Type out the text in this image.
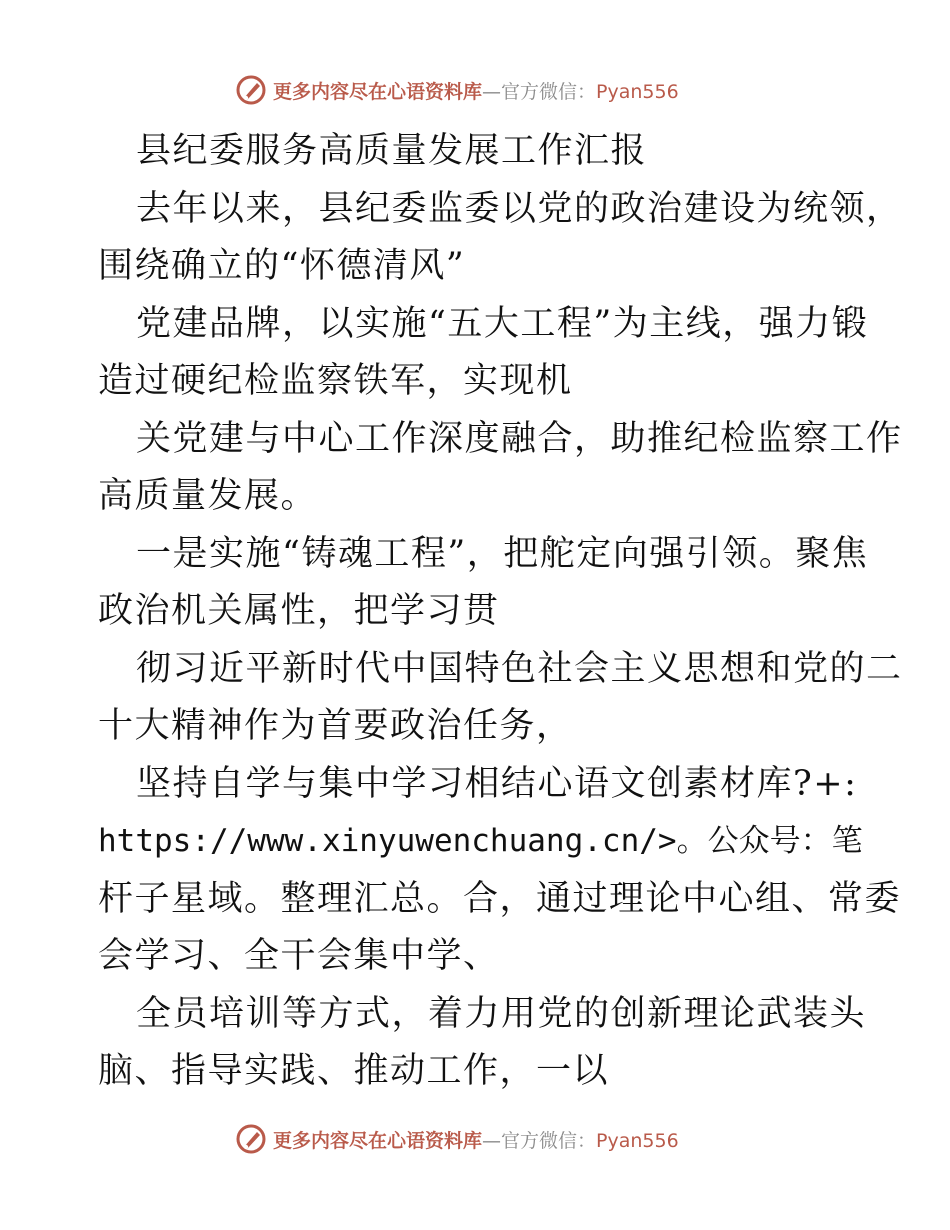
更多内容尽在心语资料库—官方微信：Pyan556
县纪委服务高质量发展工作汇报
去年以来，县纪委监委以党的政治建设为统领，
围绕确立的“怀德清风”
党建品牌，以实施“五大工程”为主线，强力锻
造过硬纪检监察铁军，实现机
关党建与中心工作深度融合，助推纪检监察工作
高质量发展。
一是实施“铸魂工程”，把舵定向强引领。聚焦
政治机关属性，把学习贯
彻习近平新时代中国特色社会主义思想和党的二
十大精神作为首要政治任务，
坚持自学与集中学习相结心语文创素材库?+:
https://www.xinyuwenchuang.cn/>。公众号：笔
杆子星域。整理汇总。合，通过理论中心组、常委
会学习、全干会集中学、
全员培训等方式，着力用党的创新理论武装头
脑、指导实践、推动工作，一以
更多内容尽在心语资料库—官方微信：Pyan556
